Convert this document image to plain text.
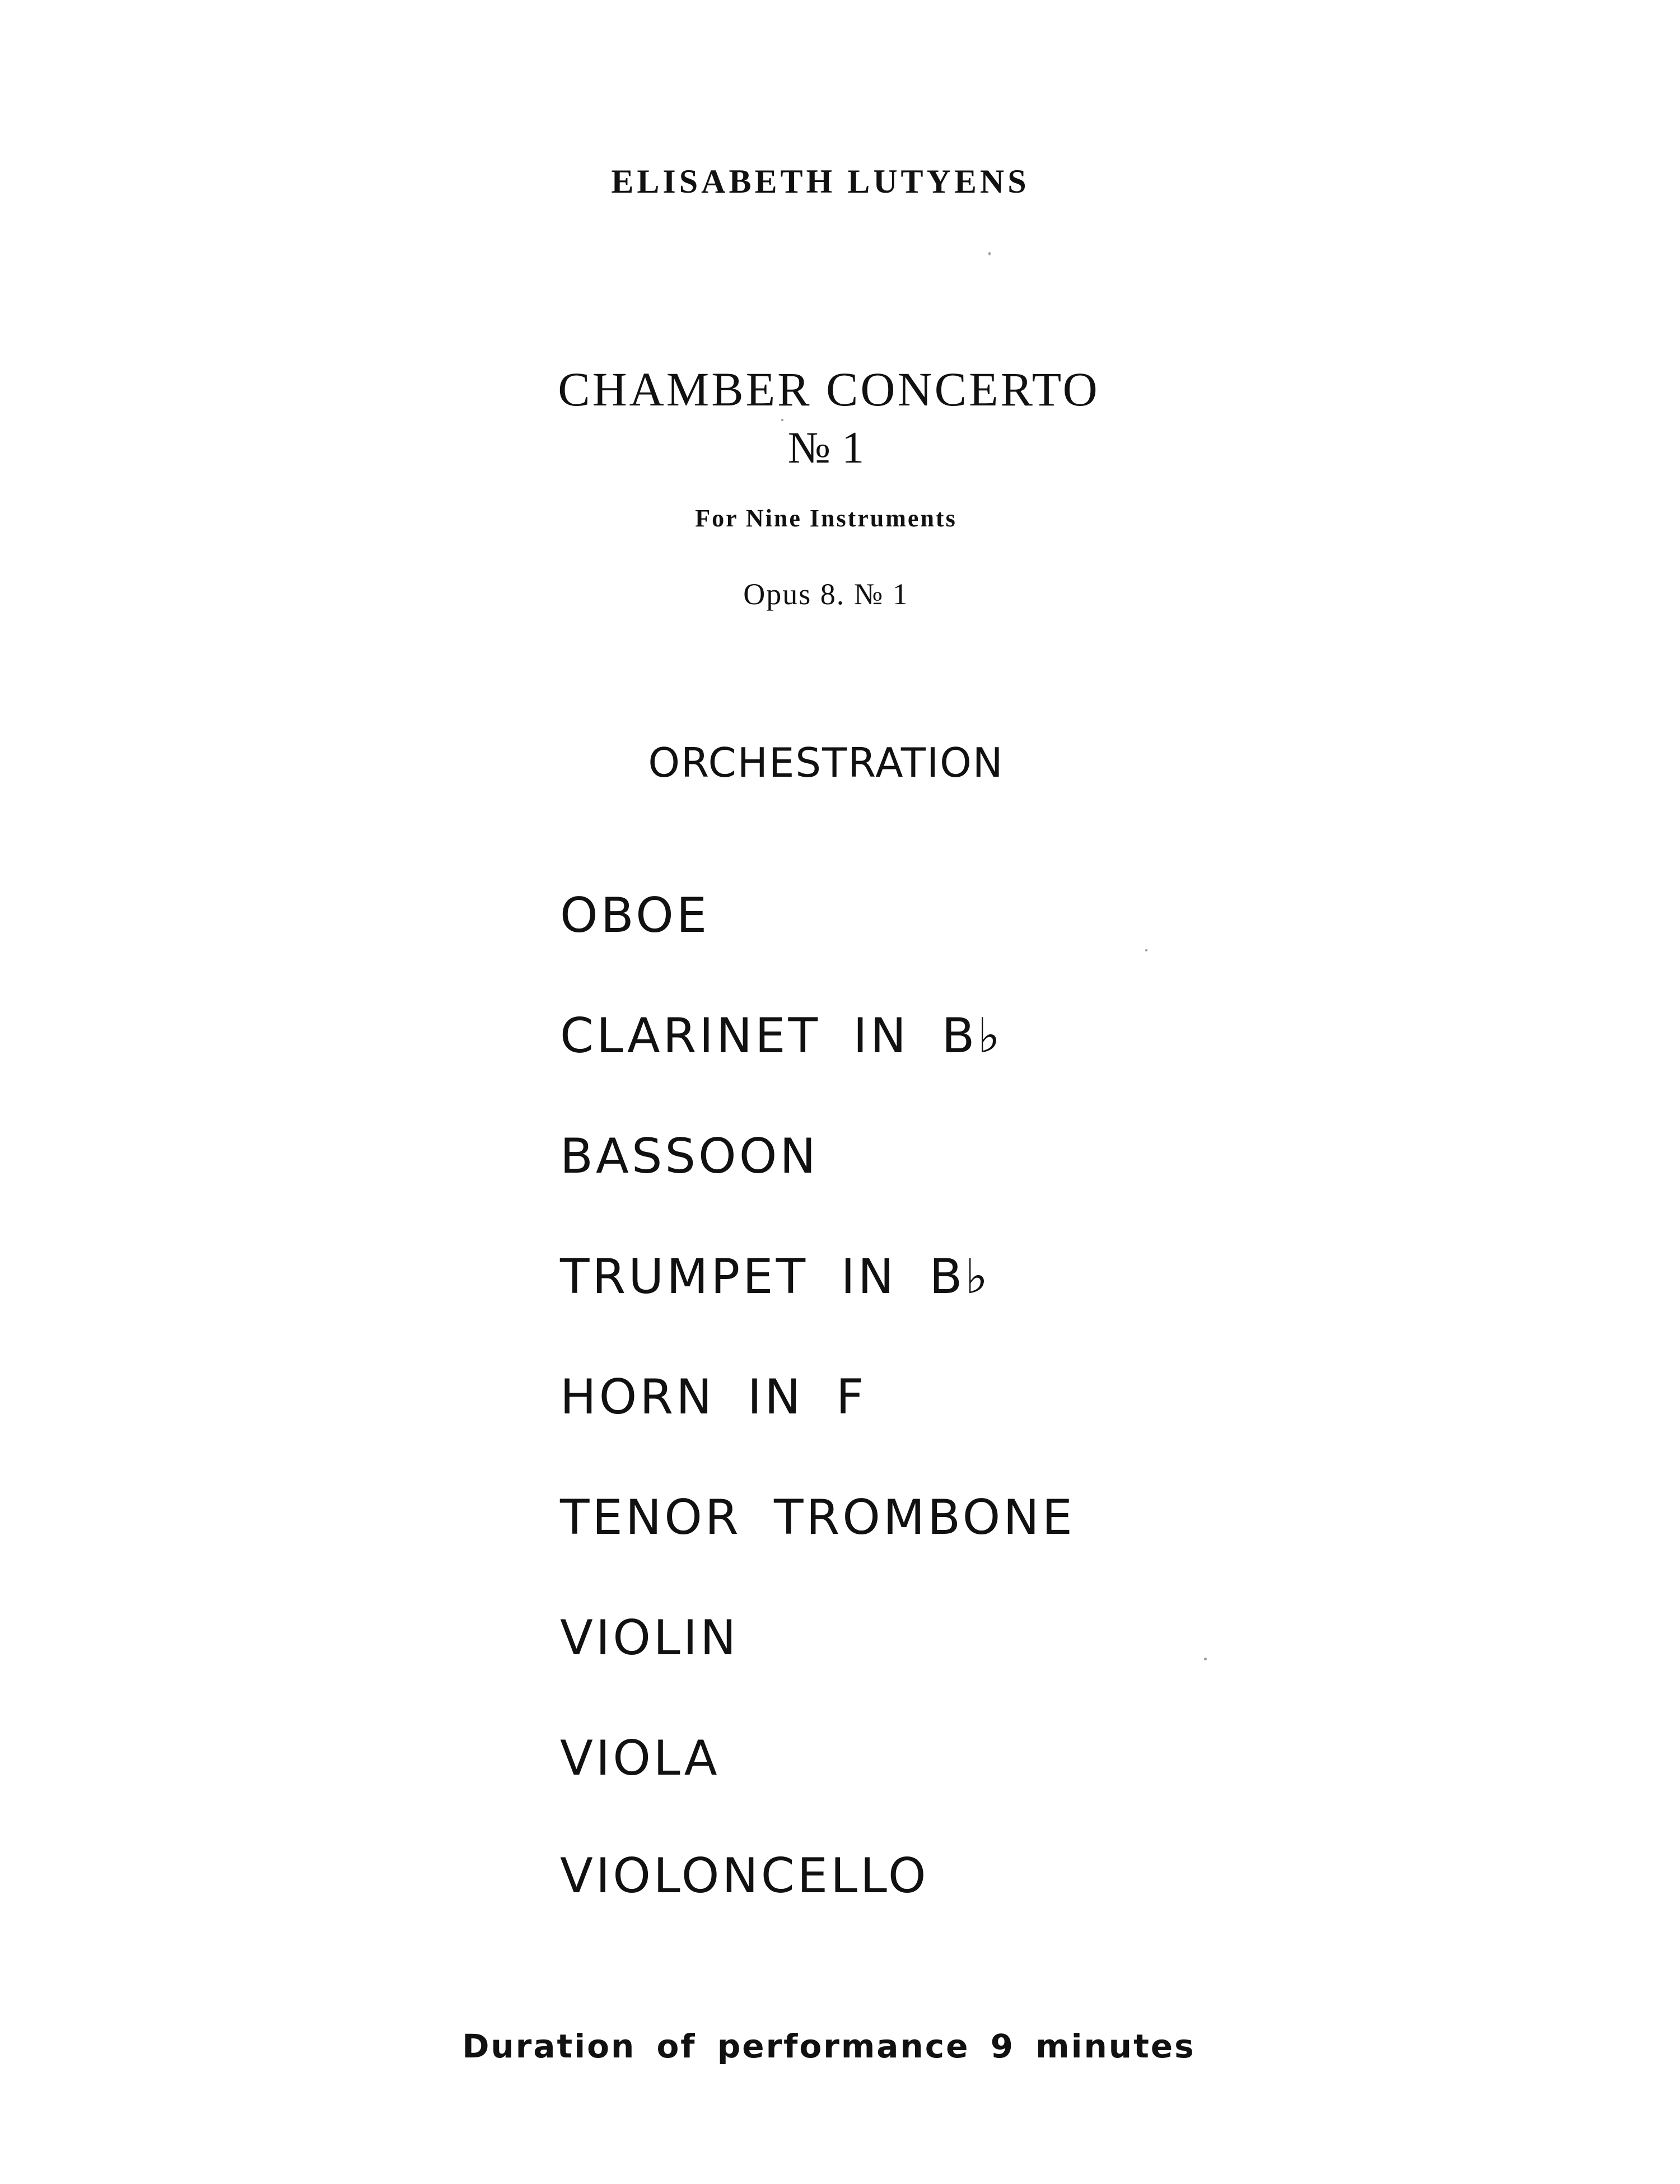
ELISABETH LUTYENS
CHAMBER CONCERTO
№ 1
For Nine Instruments
Opus 8. № 1
ORCHESTRATION
OBOE
CLARINET IN B♭
BASSOON
TRUMPET IN B♭
HORN IN F
TENOR TROMBONE
VIOLIN
VIOLA
VIOLONCELLO
Duration of performance 9 minutes
